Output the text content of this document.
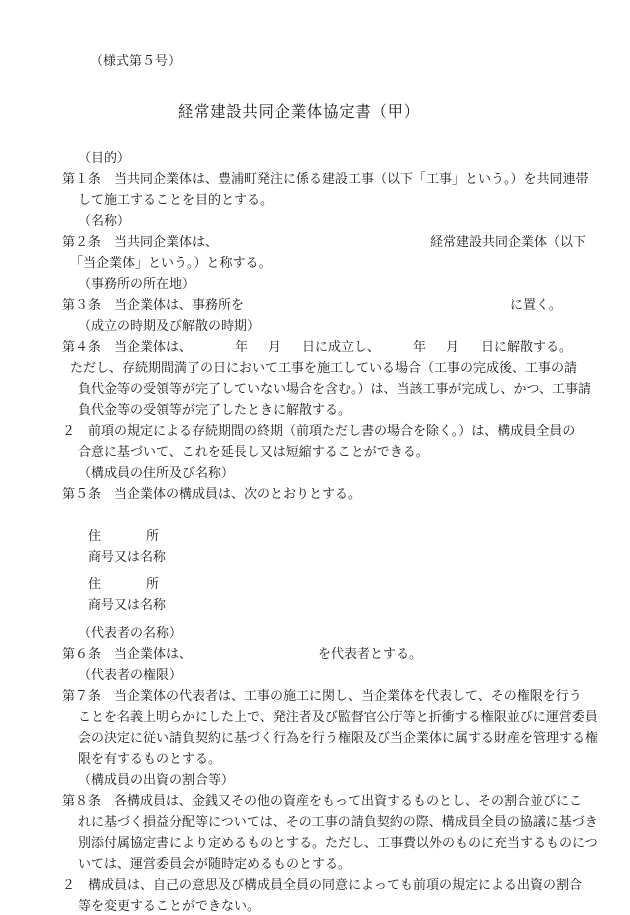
（様式第５号）
経常建設共同企業体協定書（甲）
（目的）
第１条　当共同企業体は、豊浦町発注に係る建設工事（以下「工事」という。）を共同連帯
して施工することを目的とする。
（名称）
第２条　当共同企業体は、	経常建設共同企業体（以下
「当企業体」という。）と称する。
（事務所の所在地）
第３条　当企業体は、事務所を	に置く。
（成立の時期及び解散の時期）
第４条　当企業体は、	年 月 日に成立し、	年 月 日に解散する。
ただし、存続期間満了の日において工事を施工している場合（工事の完成後、工事の請
負代金等の受領等が完了していない場合を含む。）は、当該工事が完成し、かつ、工事請
負代金等の受領等が完了したときに解散する。
２　前項の規定による存続期間の終期（前項ただし書の場合を除く。）は、構成員全員の
合意に基づいて、これを延長し又は短縮することができる。
（構成員の住所及び名称）
第５条　当企業体の構成員は、次のとおりとする。
住	所
商号又は名称
住	所
商号又は名称
（代表者の名称）
第６条　当企業体は、	を代表者とする。
（代表者の権限）
第７条　当企業体の代表者は、工事の施工に関し、当企業体を代表して、その権限を行う
ことを名義上明らかにした上で、発注者及び監督官公庁等と折衝する権限並びに運営委員
会の決定に従い請負契約に基づく行為を行う権限及び当企業体に属する財産を管理する権
限を有するものとする。
（構成員の出資の割合等）
第８条　各構成員は、金銭又その他の資産をもって出資するものとし、その割合並びにこ
れに基づく損益分配等については、その工事の請負契約の際、構成員全員の協議に基づき
別添付属協定書により定めるものとする。ただし、工事費以外のものに充当するものにつ
いては、運営委員会が随時定めるものとする。
２　構成員は、自己の意思及び構成員全員の同意によっても前項の規定による出資の割合
等を変更することができない。
